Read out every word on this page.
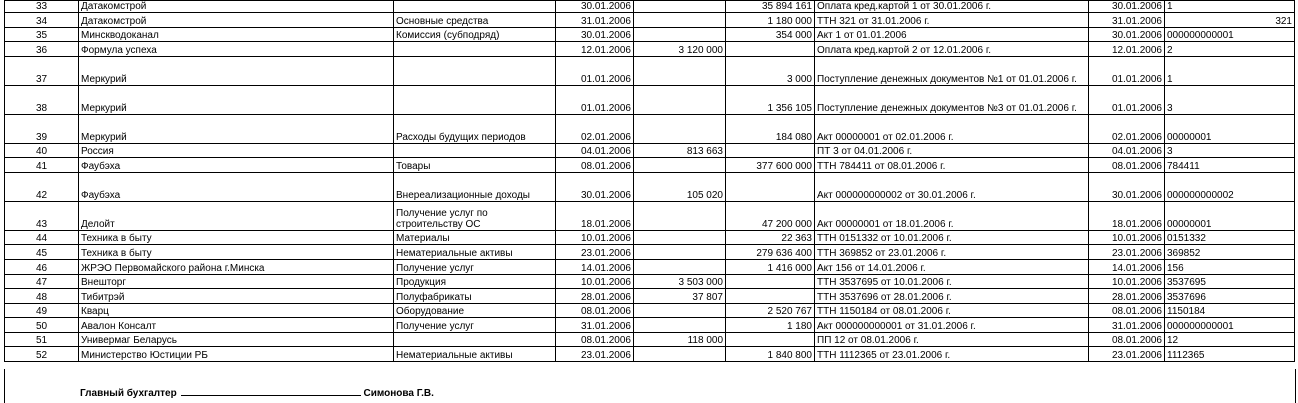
33	Датакомстрой		30.01.2006		35 894 161	Оплата кред.картой 1 от 30.01.2006 г.	30.01.2006	1
34	Датакомстрой	Основные средства	31.01.2006		1 180 000	ТТН 321 от 31.01.2006 г.	31.01.2006	321
35	Минскводоканал	Комиссия (субподряд)	30.01.2006		354 000	Акт 1 от 01.01.2006	30.01.2006	000000000001
36	Формула успеха		12.01.2006	3 120 000		Оплата кред.картой 2 от 12.01.2006 г.	12.01.2006	2
37	Меркурий		01.01.2006		3 000	Поступление денежных документов №1 от 01.01.2006 г.	01.01.2006	1
38	Меркурий		01.01.2006		1 356 105	Поступление денежных документов №3 от 01.01.2006 г.	01.01.2006	3
39	Меркурий	Расходы будущих периодов	02.01.2006		184 080	Акт 00000001 от 02.01.2006 г.	02.01.2006	00000001
40	Россия		04.01.2006	813 663		ПТ 3 от 04.01.2006 г.	04.01.2006	3
41	Фаубэха	Товары	08.01.2006		377 600 000	ТТН 784411 от 08.01.2006 г.	08.01.2006	784411
42	Фаубэха	Внереализационные доходы	30.01.2006	105 020		Акт 000000000002 от 30.01.2006 г.	30.01.2006	000000000002
43	Делойт	Получение услуг по строительству ОС	18.01.2006		47 200 000	Акт 00000001 от 18.01.2006 г.	18.01.2006	00000001
44	Техника в быту	Материалы	10.01.2006		22 363	ТТН 0151332 от 10.01.2006 г.	10.01.2006	0151332
45	Техника в быту	Нематериальные активы	23.01.2006		279 636 400	ТТН 369852 от 23.01.2006 г.	23.01.2006	369852
46	ЖРЭО Первомайского района г.Минска	Получение услуг	14.01.2006		1 416 000	Акт 156 от 14.01.2006 г.	14.01.2006	156
47	Внешторг	Продукция	10.01.2006	3 503 000		ТТН 3537695 от 10.01.2006 г.	10.01.2006	3537695
48	Тибитрэй	Полуфабрикаты	28.01.2006	37 807		ТТН 3537696 от 28.01.2006 г.	28.01.2006	3537696
49	Кварц	Оборудование	08.01.2006		2 520 767	ТТН 1150184 от 08.01.2006 г.	08.01.2006	1150184
50	Авалон Консалт	Получение услуг	31.01.2006		1 180	Акт 000000000001 от 31.01.2006 г.	31.01.2006	000000000001
51	Универмаг Беларусь		08.01.2006	118 000		ПП 12 от 08.01.2006 г.	08.01.2006	12
52	Министерство Юстиции РБ	Нематериальные активы	23.01.2006		1 840 800	ТТН 1112365 от 23.01.2006 г.	23.01.2006	1112365
Главный бухгалтер	Симонова Г.В.
